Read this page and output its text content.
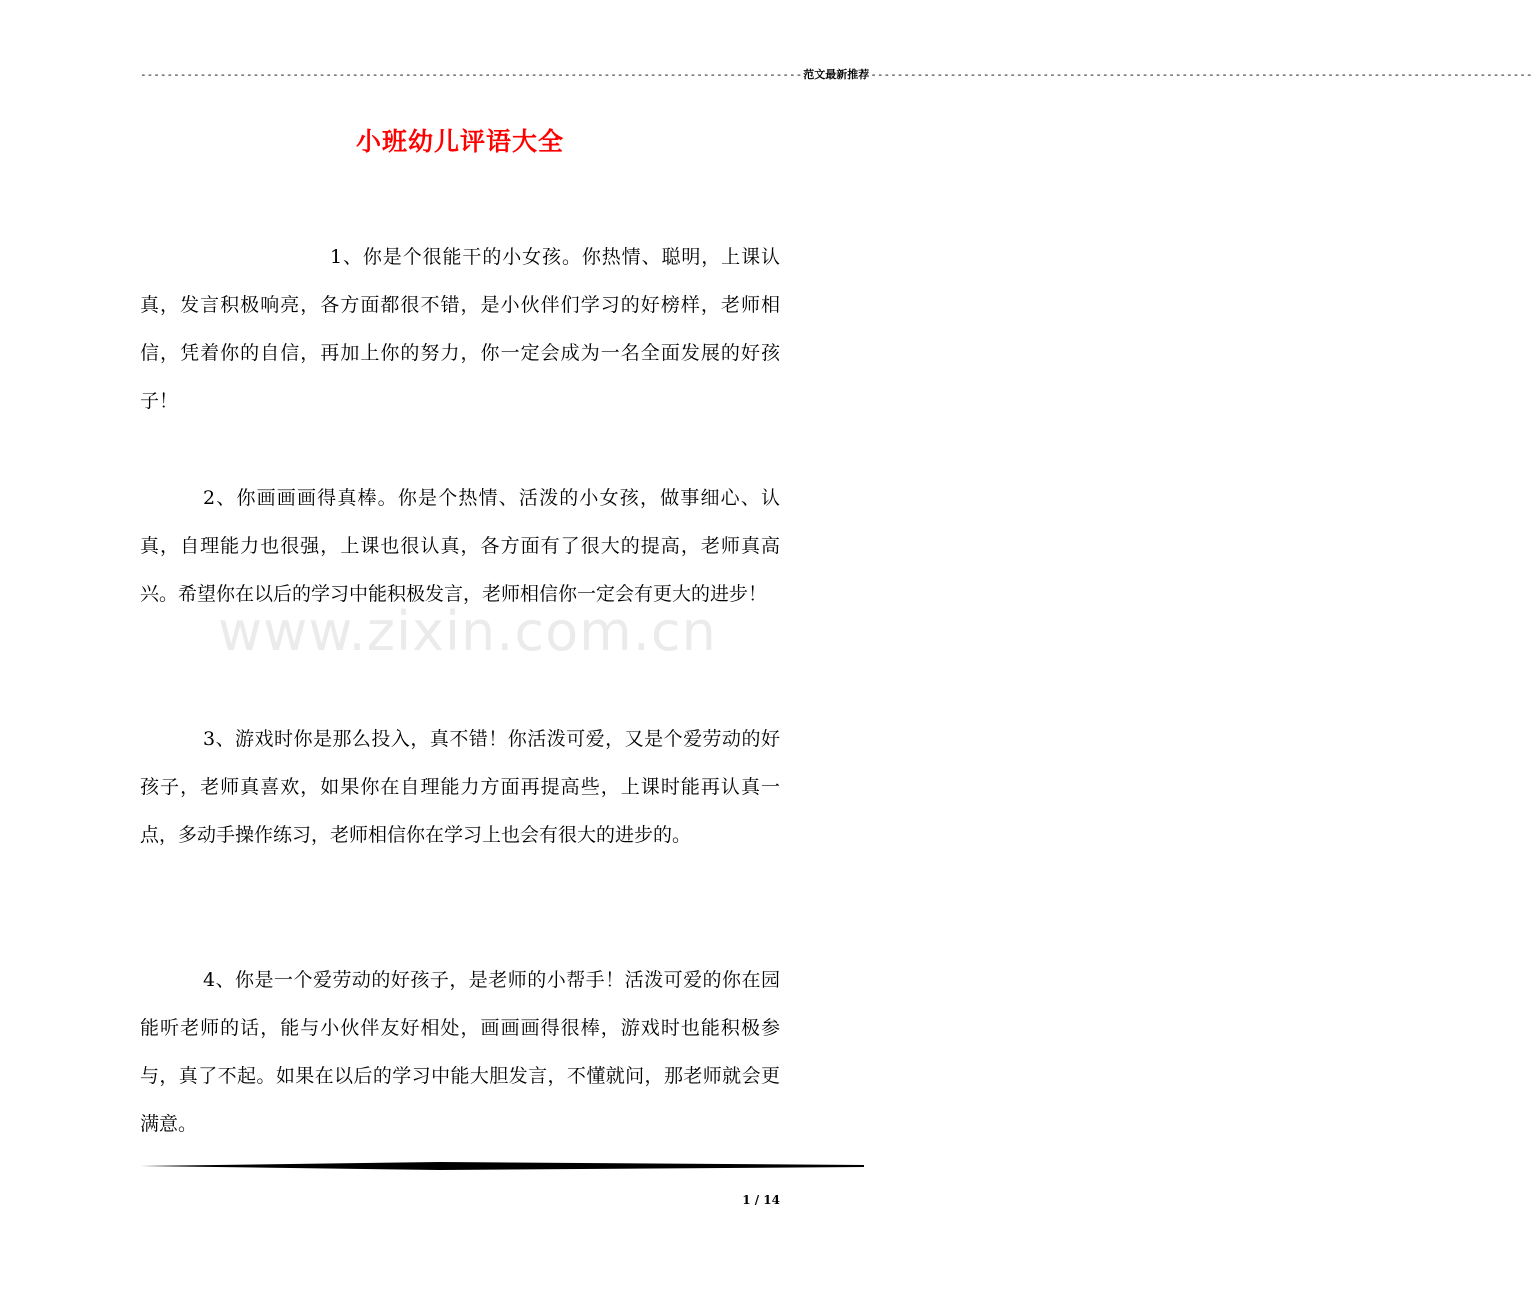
---------------------------------------------------------------------------------------------------- 范文最新推荐 ----------------------------------------------------------------------------------------------------
小班幼儿评语大全

1、你是个很能干的小女孩。你热情、聪明，上课认真，发言积极响亮，各方面都很不错，是小伙伴们学习的好榜样，老师相信，凭着你的自信，再加上你的努力，你一定会成为一名全面发展的好孩子！

2、你画画画得真棒。你是个热情、活泼的小女孩，做事细心、认真，自理能力也很强，上课也很认真，各方面有了很大的提高，老师真高兴。希望你在以后的学习中能积极发言，老师相信你一定会有更大的进步！

3、游戏时你是那么投入，真不错！你活泼可爱，又是个爱劳动的好孩子，老师真喜欢，如果你在自理能力方面再提高些，上课时能再认真一点，多动手操作练习，老师相信你在学习上也会有很大的进步的。

4、你是一个爱劳动的好孩子，是老师的小帮手！活泼可爱的你在园能听老师的话，能与小伙伴友好相处，画画画得很棒，游戏时也能积极参与，真了不起。如果在以后的学习中能大胆发言，不懂就问，那老师就会更满意。

www.zixin.com.cn
1 / 14
